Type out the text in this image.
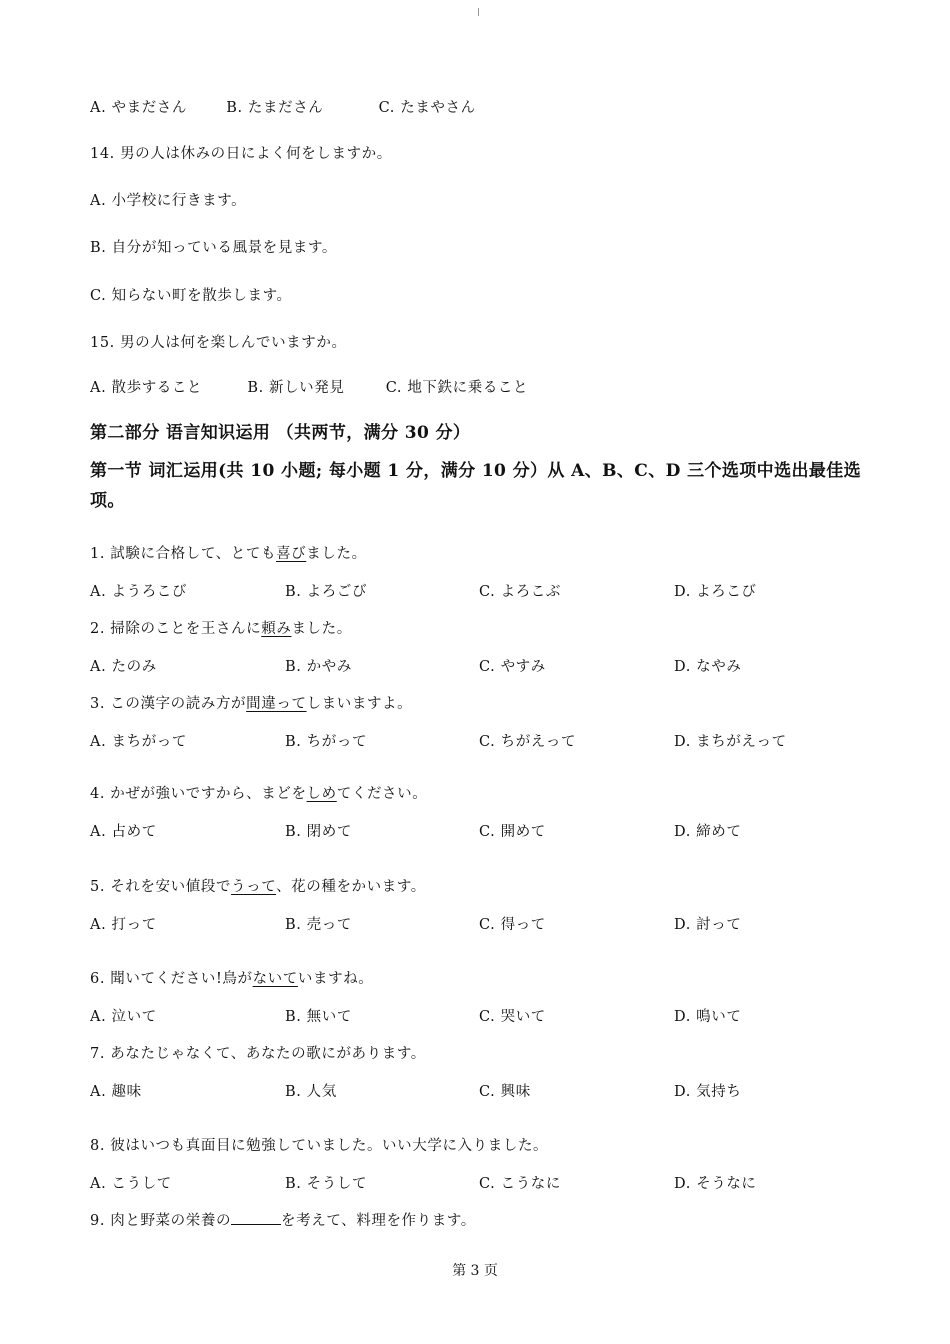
A. やまださん	B. たまださん	C. たまやさん
14. 男の人は休みの日によく何をしますか。
A. 小学校に行きます。
B. 自分が知っている風景を見ます。
C. 知らない町を散歩します。
15. 男の人は何を楽しんでいますか。
A. 散歩すること	B. 新しい発見	C. 地下鉄に乗ること
第二部分 语言知识运用 （共两节，满分 30 分）
第一节 词汇运用(共 10 小题; 每小题 1 分，满分 10 分）从 A、B、C、D 三个选项中选出最佳选项。
1. 試験に合格して、とても喜びました。
A. ようろこび	B. よろごび	C. よろこぶ	D. よろこび
2. 掃除のことを王さんに頼みました。
A. たのみ	B. かやみ	C. やすみ	D. なやみ
3. この漢字の読み方が間違ってしまいますよ。
A. まちがって	B. ちがって	C. ちがえって	D. まちがえって
4. かぜが強いですから、まどをしめてください。
A. 占めて	B. 閉めて	C. 開めて	D. 締めて
5. それを安い値段でうって、花の種をかいます。
A. 打って	B. 売って	C. 得って	D. 討って
6. 聞いてください!鳥がないていますね。
A. 泣いて	B. 無いて	C. 哭いて	D. 鳴いて
7. あなたじゃなくて、あなたの歌にがあります。
A. 趣味	B. 人気	C. 興味	D. 気持ち
8. 彼はいつも真面目に勉強していました。いい大学に入りました。
A. こうして	B. そうして	C. こうなに	D. そうなに
9. 肉と野菜の栄養の	を考えて、料理を作ります。
第 3 页
